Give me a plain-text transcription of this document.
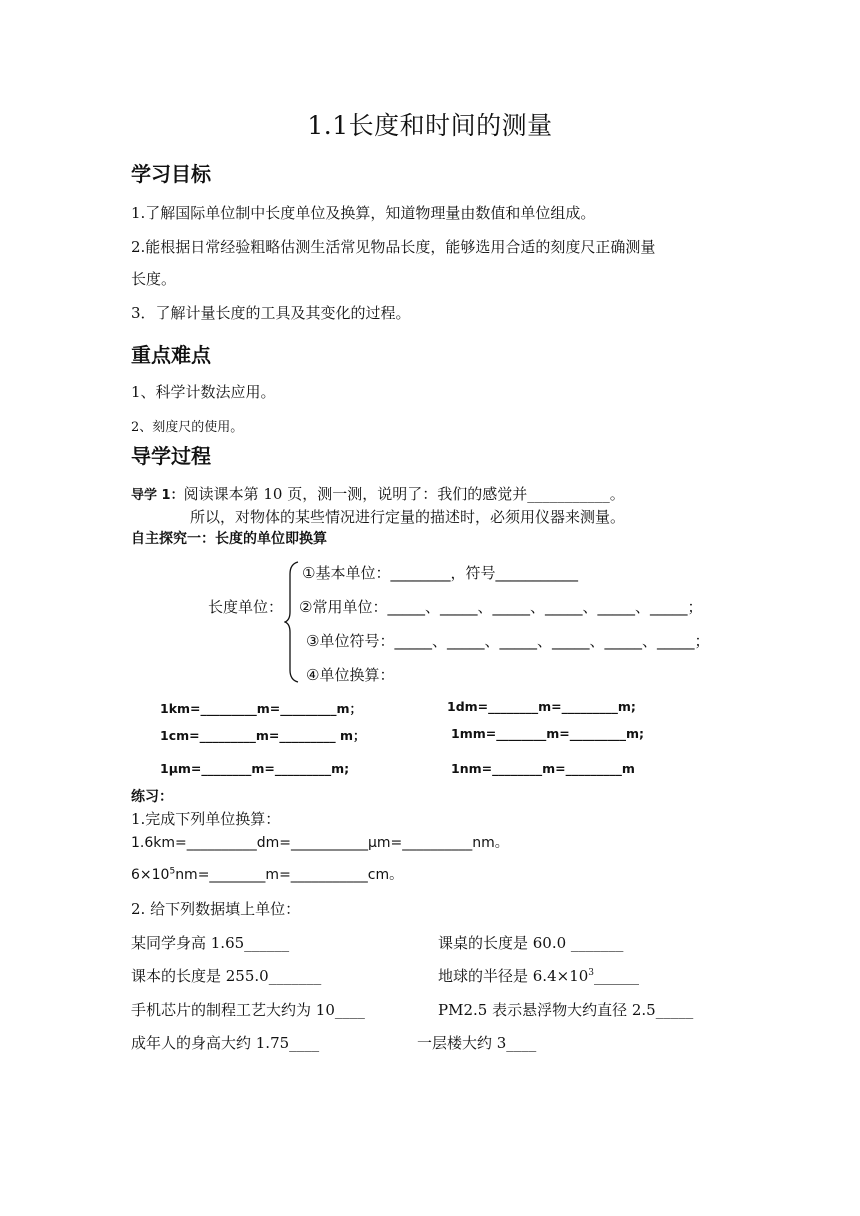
1.1长度和时间的测量
学习目标
1.了解国际单位制中长度单位及换算，知道物理量由数值和单位组成。
2.能根据日常经验粗略估测生活常见物品长度，能够选用合适的刻度尺正确测量
长度。
3．了解计量长度的工具及其变化的过程。
重点难点
1、科学计数法应用。
2、刻度尺的使用。
导学过程
导学 1：阅读课本第 10 页，测一测，说明了：我们的感觉并___________。
所以，对物体的某些情况进行定量的描述时，必须用仪器来测量。
自主探究一：长度的单位即换算
长度单位：
①基本单位：________，符号___________
②常用单位：_____、_____、_____、_____、_____、_____；
③单位符号：_____、_____、_____、_____、_____、_____；
④单位换算：
1km=_________m=_________m；
1cm=_________m=_________ m；
1μm=________m=_________m;
1dm=________m=_________m;
1mm=________m=_________m;
1nm=________m=_________m
练习：
1.完成下列单位换算：
1.6km=__________dm=___________μm=__________nm。
$6\times 10^5nm=\_\_\_\_\_\_\_\_m=\_\_\_\_\_\_\_\_\_\_\_cm$。
2. 给下列数据填上单位：
某同学身高 1.65______
课本的长度是 255.0_______
手机芯片的制程工艺大约为 10____
成年人的身高大约 1.75____
课桌的长度是 60.0 _______
地球的半径是 $6.4\times 10^3\_\_\_\_\_\_$
PM2.5 表示悬浮物大约直径 2.5_____
一层楼大约 3____
